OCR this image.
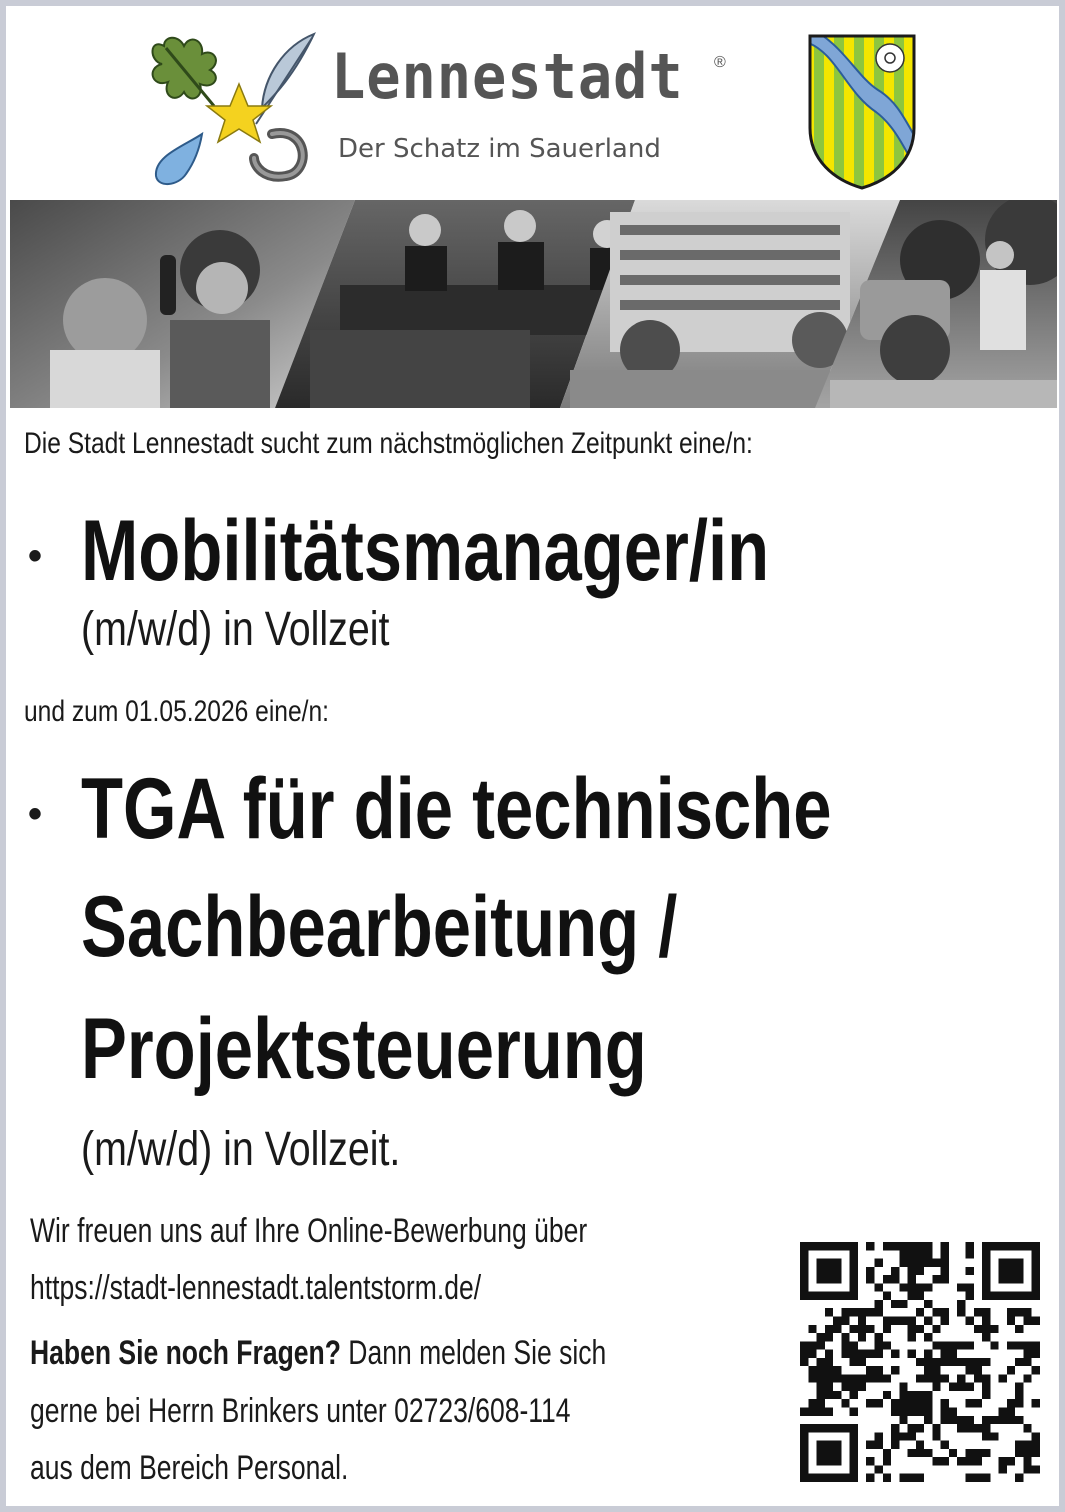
Lennestadt ®
Der Schatz im Sauerland
Die Stadt Lennestadt sucht zum nächstmöglichen Zeitpunkt eine/n:
• Mobilitätsmanager/in
(m/w/d) in Vollzeit
und zum 01.05.2026 eine/n:
• TGA für die technische
Sachbearbeitung /
Projektsteuerung
(m/w/d) in Vollzeit.
Wir freuen uns auf Ihre Online-Bewerbung über
https://stadt-lennestadt.talentstorm.de/
Haben Sie noch Fragen? Dann melden Sie sich
gerne bei Herrn Brinkers unter 02723/608-114
aus dem Bereich Personal.
